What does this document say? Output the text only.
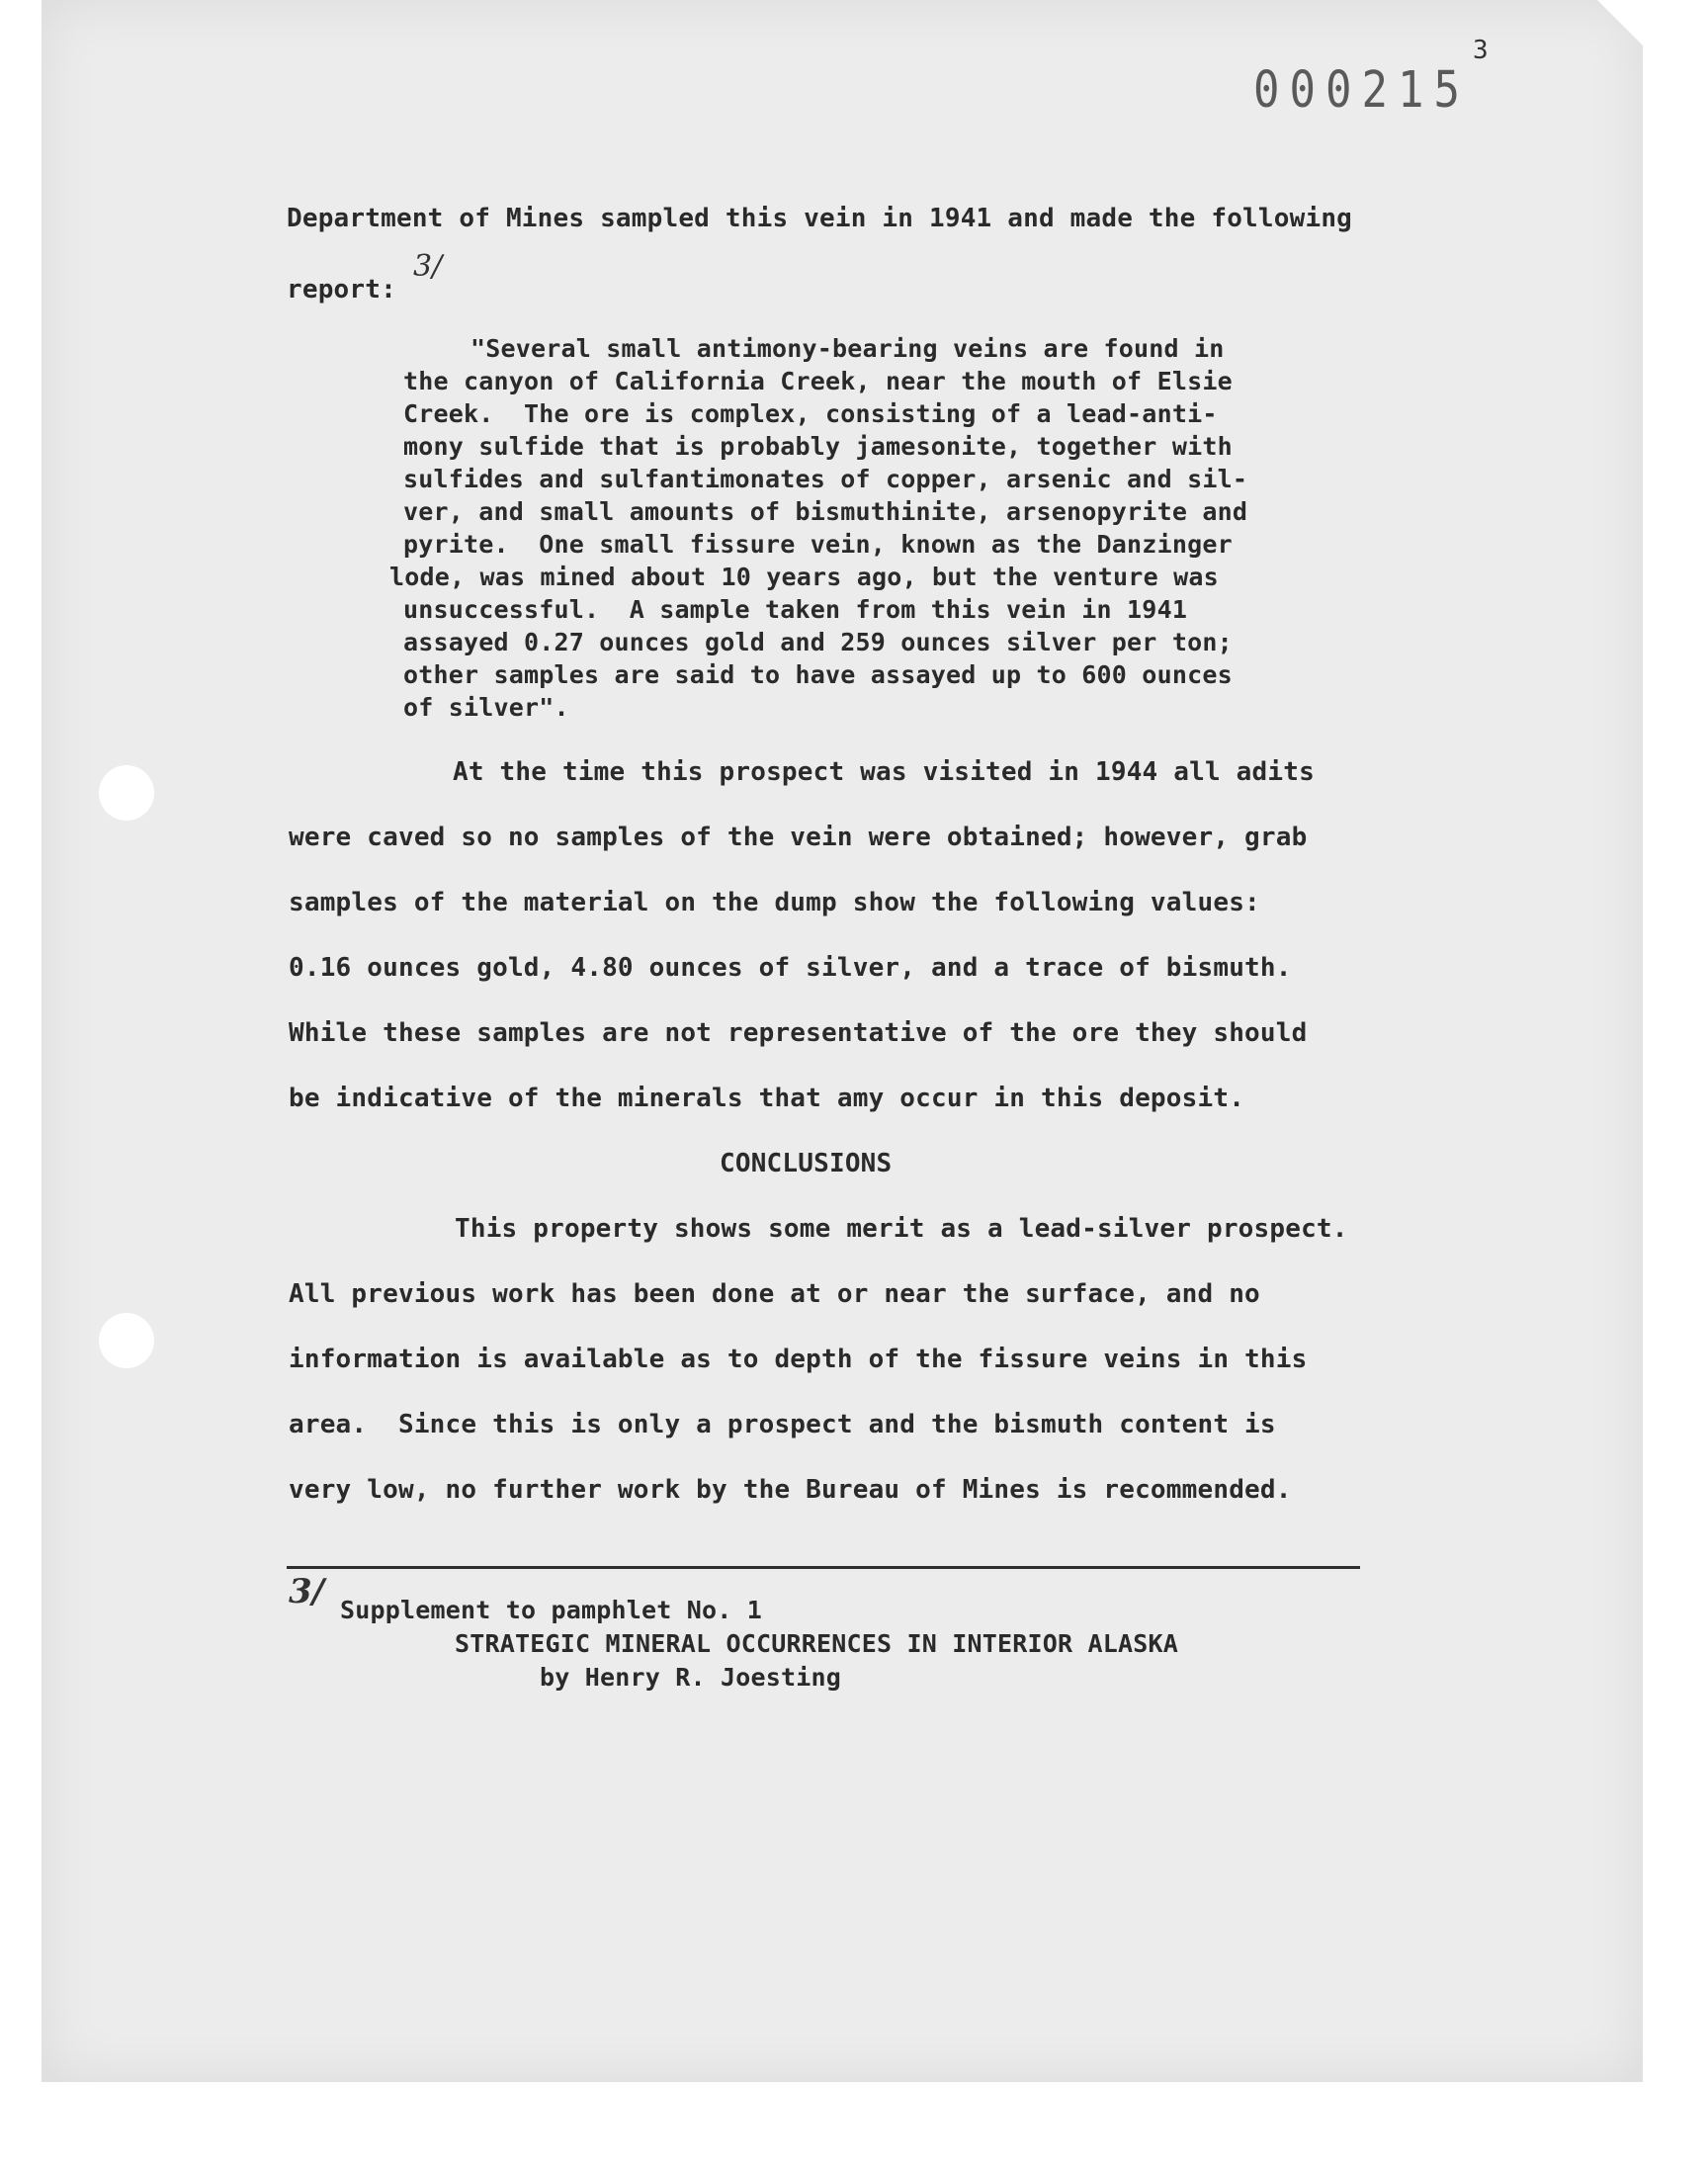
3
000215
Department of Mines sampled this vein in 1941 and made the following
3/
report:
"Several small antimony-bearing veins are found in
the canyon of California Creek, near the mouth of Elsie
Creek.  The ore is complex, consisting of a lead-anti-
mony sulfide that is probably jamesonite, together with
sulfides and sulfantimonates of copper, arsenic and sil-
ver, and small amounts of bismuthinite, arsenopyrite and
pyrite.  One small fissure vein, known as the Danzinger
lode, was mined about 10 years ago, but the venture was
unsuccessful.  A sample taken from this vein in 1941
assayed 0.27 ounces gold and 259 ounces silver per ton;
other samples are said to have assayed up to 600 ounces
of silver".
At the time this prospect was visited in 1944 all adits
were caved so no samples of the vein were obtained; however, grab
samples of the material on the dump show the following values:
0.16 ounces gold, 4.80 ounces of silver, and a trace of bismuth.
While these samples are not representative of the ore they should
be indicative of the minerals that amy occur in this deposit.
CONCLUSIONS
This property shows some merit as a lead-silver prospect.
All previous work has been done at or near the surface, and no
information is available as to depth of the fissure veins in this
area.  Since this is only a prospect and the bismuth content is
very low, no further work by the Bureau of Mines is recommended.
3/ Supplement to pamphlet No. 1
STRATEGIC MINERAL OCCURRENCES IN INTERIOR ALASKA
by Henry R. Joesting
